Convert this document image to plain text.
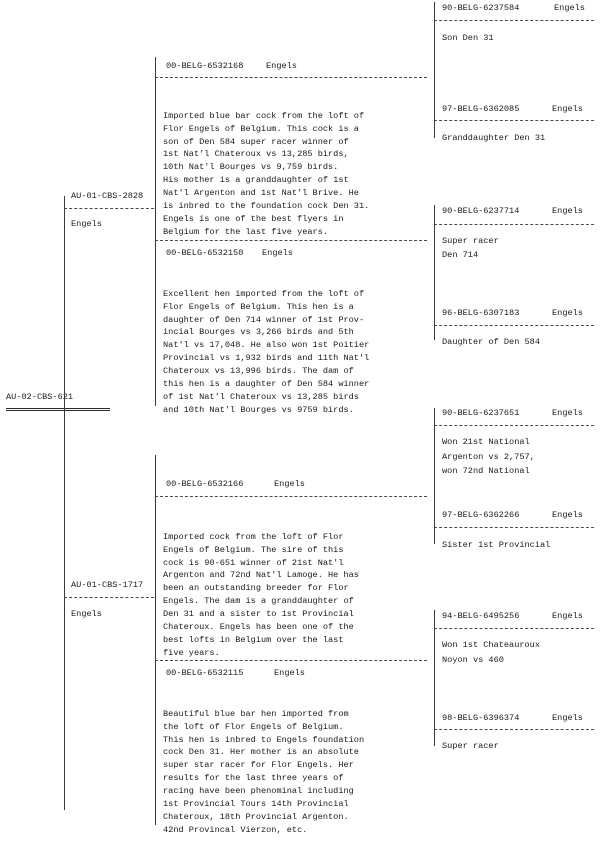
AU-02-CBS-621
AU-01-CBS-2828
Engels
AU-01-CBS-1717
Engels
00-BELG-6532168	Engels

Imported blue bar cock from the loft of
Flor Engels of Belgium. This cock is a
son of Den 584 super racer winner of
1st Nat'l Chateroux vs 13,285 birds,
10th Nat'l Bourges vs 9,759 birds.
His mother is a granddaughter of 1st
Nat'l Argenton and 1st Nat'l Brive. He
is inbred to the foundation cock Den 31.
Engels is one of the best flyers in
Belgium for the last five years.

00-BELG-6532150 Engels

Excellent hen imported from the loft of
Flor Engels of Belgium. This hen is a
daughter of Den 714 winner of 1st Prov-
incial Bourges vs 3,266 birds and 5th
Nat'l vs 17,048. He also won 1st Poitier
Provincial vs 1,932 birds and 11th Nat'l
Chateroux vs 13,996 birds. The dam of
this hen is a daughter of Den 584 winner
of 1st Nat'l Chateroux vs 13,285 birds
and 10th Nat'l Bourges vs 9759 birds.

00-BELG-6532166	Engels

Imported cock from the loft of Flor
Engels of Belgium. The sire of this
cock is 90-651 winner of 21st Nat'l
Argenton and 72nd Nat'l Lamoge. He has
been an outstanding breeder for Flor
Engels. The dam is a granddaughter of
Den 31 and a sister to 1st Provincial
Chateroux. Engels has been one of the
best lofts in Belgium over the last
five years.

00-BELG-6532115	Engels

Beautiful blue bar hen imported from
the loft of Flor Engels of Belgium.
This hen is inbred to Engels foundation
cock Den 31. Her mother is an absolute
super star racer for Flor Engels. Her
results for the last three years of
racing have been phenominal including
1st Provincial Tours 14th Provincial
Chateroux, 18th Provincial Argenton.
42nd Provincal Vierzon, etc.

90-BELG-6237584	Engels
Son Den 31
97-BELG-6362085	Engels
Granddaughter Den 31
90-BELG-6237714	Engels
Super racer
Den 714
96-BELG-6307183	Engels
Daughter of Den 584
90-BELG-6237651	Engels
Won 21st National
Argenton vs 2,757,
won 72nd National
97-BELG-6362266	Engels
Sister 1st Provincial
94-BELG-6495256	Engels
Won 1st Chateauroux
Noyon vs 460
98-BELG-6396374	Engels
Super racer
